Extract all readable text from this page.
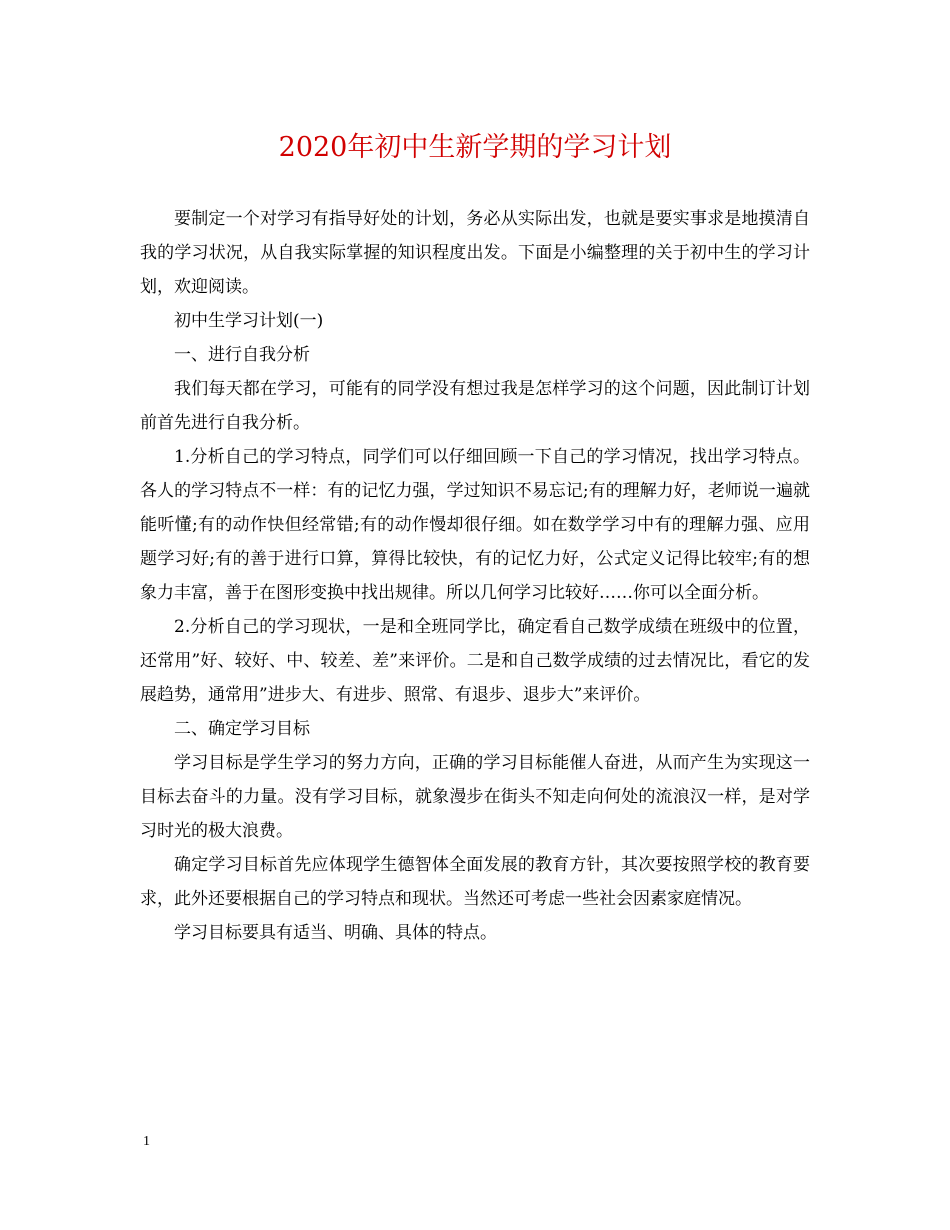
2020年初中生新学期的学习计划

要制定一个对学习有指导好处的计划，务必从实际出发，也就是要实事求是地摸清自我的学习状况，从自我实际掌握的知识程度出发。下面是小编整理的关于初中生的学习计划，欢迎阅读。

初中生学习计划(一)

一、进行自我分析

我们每天都在学习，可能有的同学没有想过我是怎样学习的这个问题，因此制订计划前首先进行自我分析。

1.分析自己的学习特点，同学们可以仔细回顾一下自己的学习情况，找出学习特点。各人的学习特点不一样：有的记忆力强，学过知识不易忘记;有的理解力好，老师说一遍就能听懂;有的动作快但经常错;有的动作慢却很仔细。如在数学学习中有的理解力强、应用题学习好;有的善于进行口算，算得比较快，有的记忆力好，公式定义记得比较牢;有的想象力丰富，善于在图形变换中找出规律。所以几何学习比较好……你可以全面分析。

2.分析自己的学习现状，一是和全班同学比，确定看自己数学成绩在班级中的位置，还常用”好、较好、中、较差、差”来评价。二是和自己数学成绩的过去情况比，看它的发展趋势，通常用”进步大、有进步、照常、有退步、退步大”来评价。

二、确定学习目标

学习目标是学生学习的努力方向，正确的学习目标能催人奋进，从而产生为实现这一目标去奋斗的力量。没有学习目标，就象漫步在街头不知走向何处的流浪汉一样，是对学习时光的极大浪费。

确定学习目标首先应体现学生德智体全面发展的教育方针，其次要按照学校的教育要求，此外还要根据自己的学习特点和现状。当然还可考虑一些社会因素家庭情况。

学习目标要具有适当、明确、具体的特点。

1
